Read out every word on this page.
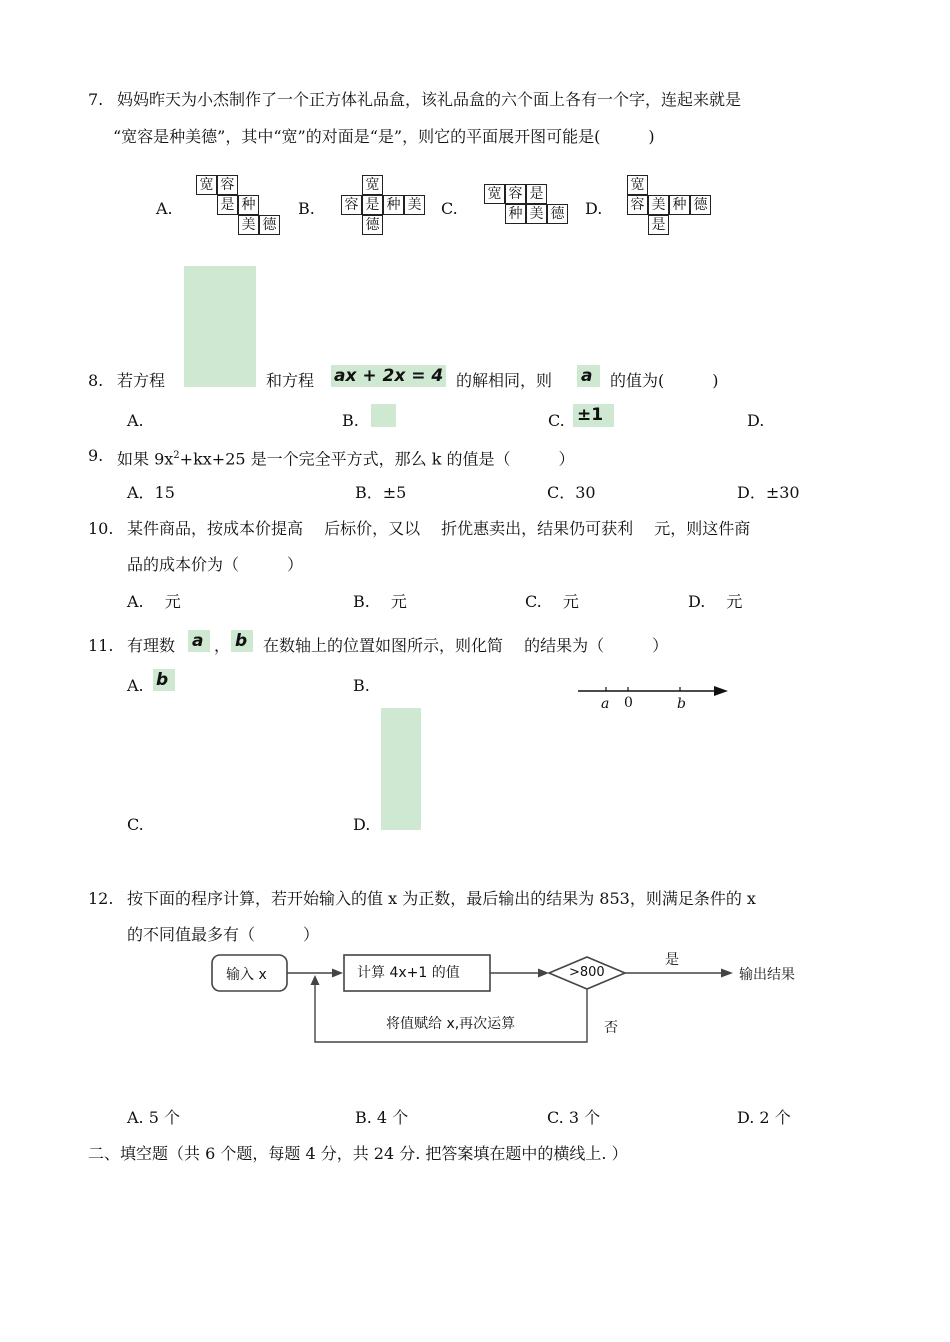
7. 妈妈昨天为小杰制作了一个正方体礼品盒，该礼品盒的六个面上各有一个字，连起来就是
“宽容是种美德”，其中“宽”的对面是“是”，则它的平面展开图可能是(　　　)
A.
宽 容
是 种
美 德
B.
宽
容 是 种 美
德
C.
宽 容 是
种 美 德 D.
宽
容 美 种 德
是
8. 若方程	和方程 ax + 2x = 4 的解相同，则 a 的值为(　　　)
A.	B.	C. ±1	D.
9. 如果 $9x^2+kx+25$ 是一个完全平方式，那么 k 的值是（　　　）
A．15	B．±5	C．30	D．±30
10. 某件商品，按成本价提高　 后标价，又以　 折优惠卖出，结果仍可获利　 元，则这件商
品的成本价为（　　　）
A.　 元	B.　 元	C.　 元	D.　 元
11. 有理数 a ， b 在数轴上的位置如图所示，则化简　 的结果为（　　　）
A. b	B.
C.	D.
a 0	b
12. 按下面的程序计算，若开始输入的值 x 为正数，最后输出的结果为 853，则满足条件的 x
的不同值最多有（　　　）
输入 x	计算 4x+1 的值	>800
是
输出结果
否
将值赋给 x,再次运算
A. 5 个	B. 4 个	C. 3 个	D. 2 个
二、填空题（共 6 个题，每题 4 分，共 24 分. 把答案填在题中的横线上. ）
